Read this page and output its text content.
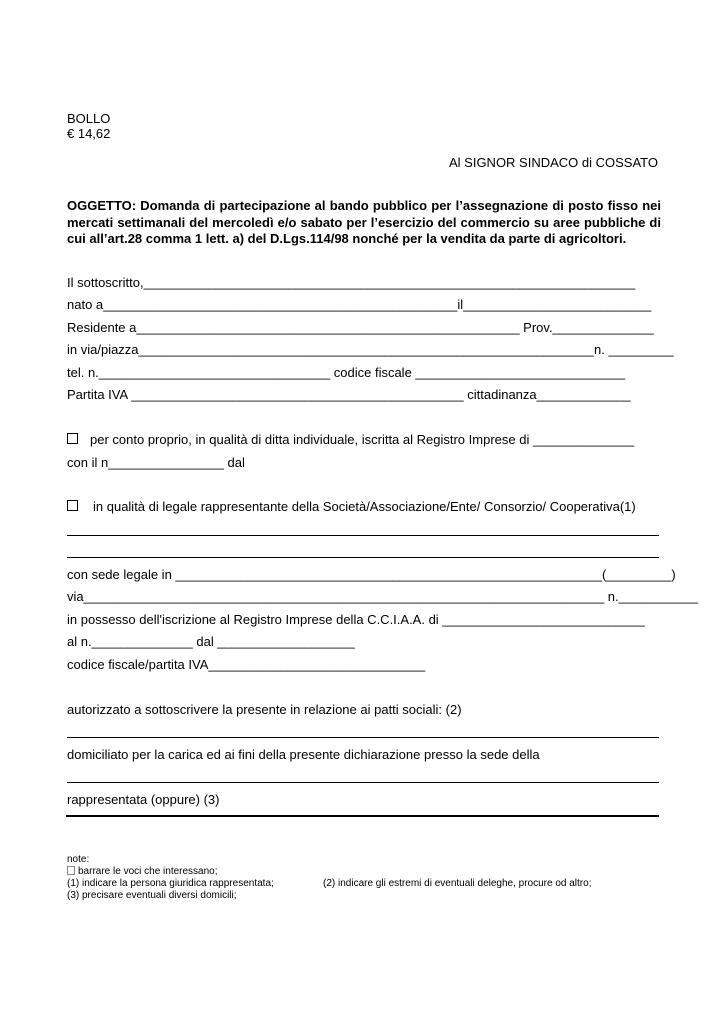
BOLLO
€ 14,62
Al SIGNOR SINDACO di COSSATO
OGGETTO: Domanda di partecipazione al bando pubblico per l’assegnazione di posto fisso nei
mercati settimanali del mercoledì e/o sabato per l’esercizio del commercio su aree pubbliche di
cui all’art.28 comma 1 lett. a) del D.Lgs.114/98 nonché per la vendita da parte di agricoltori.
Il sottoscritto,____________________________________________________________________
nato a_________________________________________________il__________________________
Residente a_____________________________________________________ Prov.______________
in via/piazza_______________________________________________________________n. _________
tel. n.________________________________ codice fiscale _____________________________
Partita IVA ______________________________________________ cittadinanza_____________
per conto proprio, in qualità di ditta individuale, iscritta al Registro Imprese di ______________
con il n________________ dal
in qualità di legale rappresentante della Società/Associazione/Ente/ Consorzio/ Cooperativa(1)
con sede legale in ___________________________________________________________(_________)
via________________________________________________________________________ n.___________
in possesso dell'iscrizione al Registro Imprese della C.C.I.A.A. di ____________________________
al n.______________ dal ___________________
codice fiscale/partita IVA______________________________
autorizzato a sottoscrivere la presente in relazione ai patti sociali: (2)
domiciliato per la carica ed ai fini della presente dichiarazione presso la sede della
rappresentata (oppure) (3)
note:
barrare le voci che interessano;
(1) indicare la persona giuridica rappresentata;	(2) indicare gli estremi di eventuali deleghe, procure od altro;
(3) precisare eventuali diversi domicili;
